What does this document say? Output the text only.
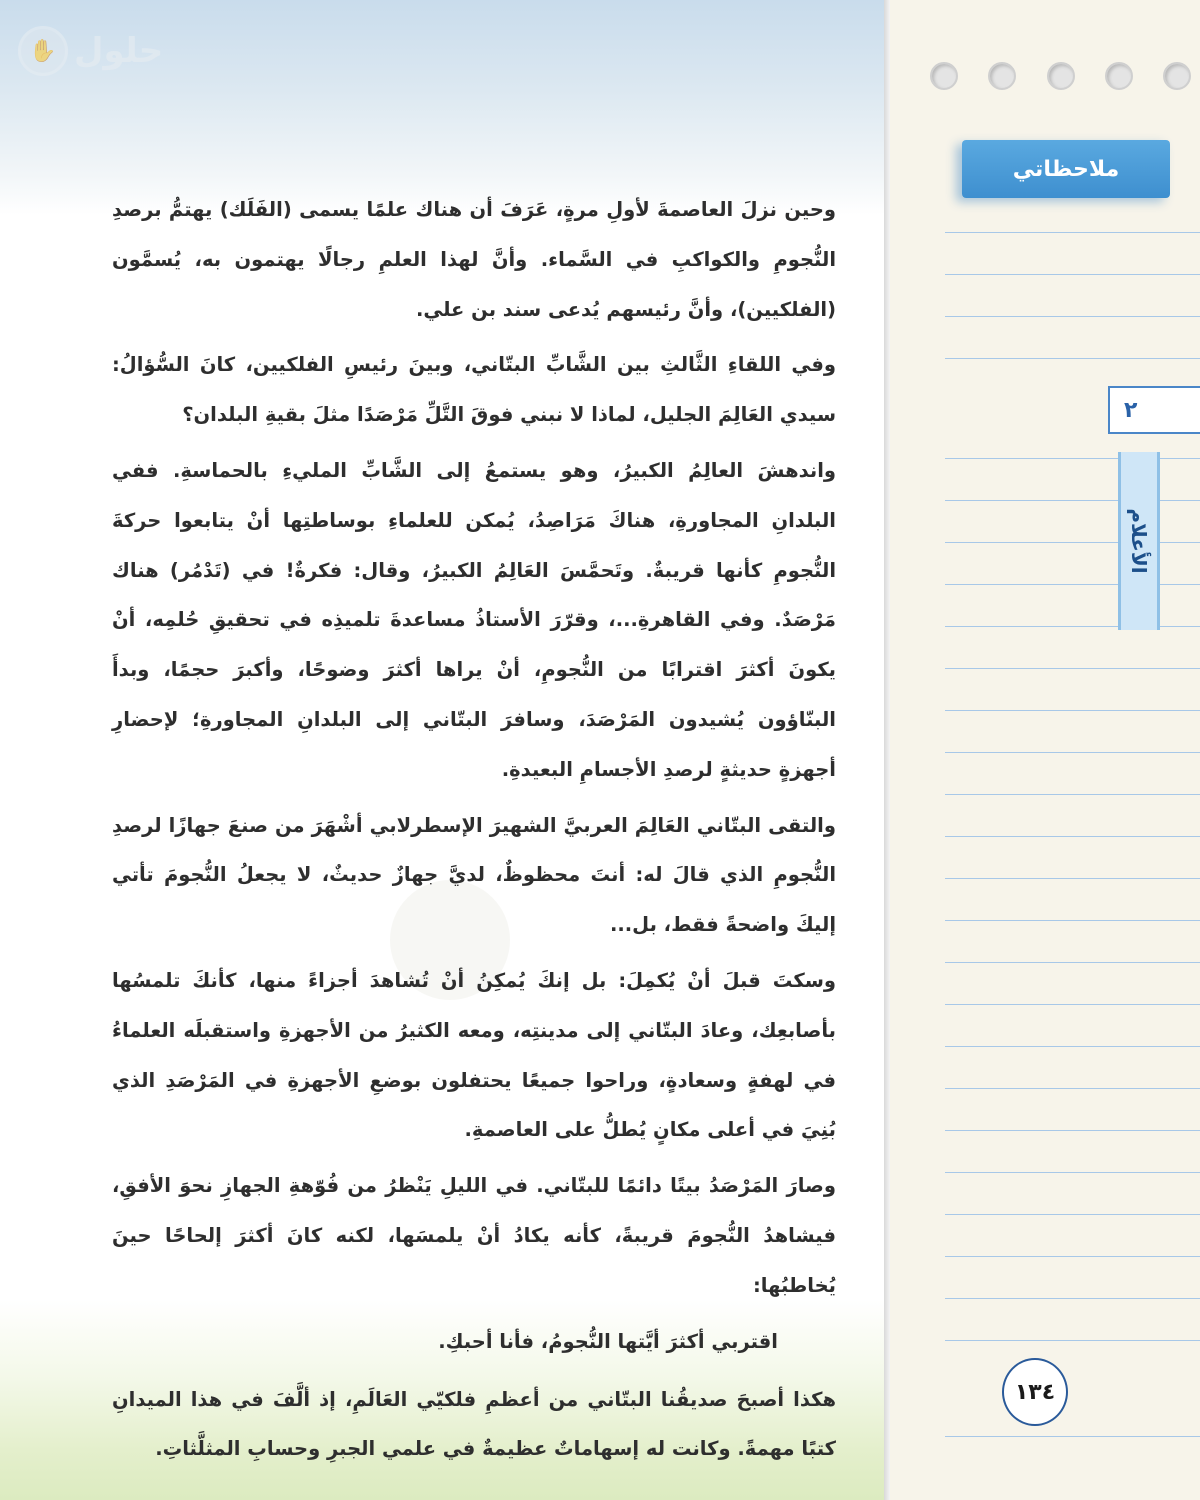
✋ حلول

وحين نزلَ العاصمةَ لأولِ مرةٍ، عَرَفَ أن هناك علمًا يسمى (الفَلَك) يهتمُّ برصدِ النُّجومِ والكواكبِ في السَّماء. وأنَّ لهذا العلمِ رجالًا يهتمون به، يُسمَّون (الفلكيين)، وأنَّ رئيسهم يُدعى سند بن علي.

وفي اللقاءِ الثَّالثِ بين الشَّابِّ البتّاني، وبينَ رئيسِ الفلكيين، كانَ السُّؤالُ: سيدي العَالِمَ الجليل، لماذا لا نبني فوقَ التَّلِّ مَرْصَدًا مثلَ بقيةِ البلدان؟

واندهشَ العالِمُ الكبيرُ، وهو يستمعُ إلى الشَّابِّ المليءِ بالحماسةِ. ففي البلدانِ المجاورةِ، هناكَ مَرَاصِدُ، يُمكن للعلماءِ بوساطتِها أنْ يتابعوا حركةَ النُّجومِ كأنها قريبةٌ. وتَحمَّسَ العَالِمُ الكبيرُ، وقال: فكرةٌ! في (تَدْمُر) هناك مَرْصَدٌ. وفي القاهرةِ...، وقرّرَ الأستاذُ مساعدةَ تلميذِه في تحقيقِ حُلمِه، أنْ يكونَ أكثرَ اقترابًا من النُّجومِ، أنْ يراها أكثرَ وضوحًا، وأكبرَ حجمًا، وبدأَ البنّاؤون يُشيدون المَرْصَدَ، وسافرَ البتّاني إلى البلدانِ المجاورةِ؛ لإحضارِ أجهزةٍ حديثةٍ لرصدِ الأجسامِ البعيدةِ.

والتقى البتّاني العَالِمَ العربيَّ الشهيرَ الإسطرلابي أشْهَرَ من صنعَ جهازًا لرصدِ النُّجومِ الذي قالَ له: أنتَ محظوظٌ، لديَّ جهازٌ حديثٌ، لا يجعلُ النُّجومَ تأتي إليكَ واضحةً فقط، بل...

وسكتَ قبلَ أنْ يُكمِلَ: بل إنكَ يُمكِنُ أنْ تُشاهدَ أجزاءً منها، كأنكَ تلمسُها بأصابعِك، وعادَ البتّاني إلى مدينتِه، ومعه الكثيرُ من الأجهزةِ واستقبلَه العلماءُ في لهفةٍ وسعادةٍ، وراحوا جميعًا يحتفلون بوضعِ الأجهزةِ في المَرْصَدِ الذي بُنِيَ في أعلى مكانٍ يُطلُّ على العاصمةِ.

وصارَ المَرْصَدُ بيتًا دائمًا للبتّاني. في الليلِ يَنْظرُ من فُوّهةِ الجهازِ نحوَ الأفقِ، فيشاهدُ النُّجومَ قريبةً، كأنه يكادُ أنْ يلمسَها، لكنه كانَ أكثرَ إلحاحًا حينَ يُخاطبُها:

اقتربي أكثرَ أيَّتها النُّجومُ، فأنا أحبكِ.

هكذا أصبحَ صديقُنا البتّاني من أعظمِ فلكيّي العَالَمِ، إذ ألَّفَ في هذا الميدانِ كتبًا مهمةً. وكانت له إسهاماتٌ عظيمةٌ في علمي الجبرِ وحسابِ المثلَّثاتِ.

ملاحظاتي
٢
الأعلام
١٣٤
